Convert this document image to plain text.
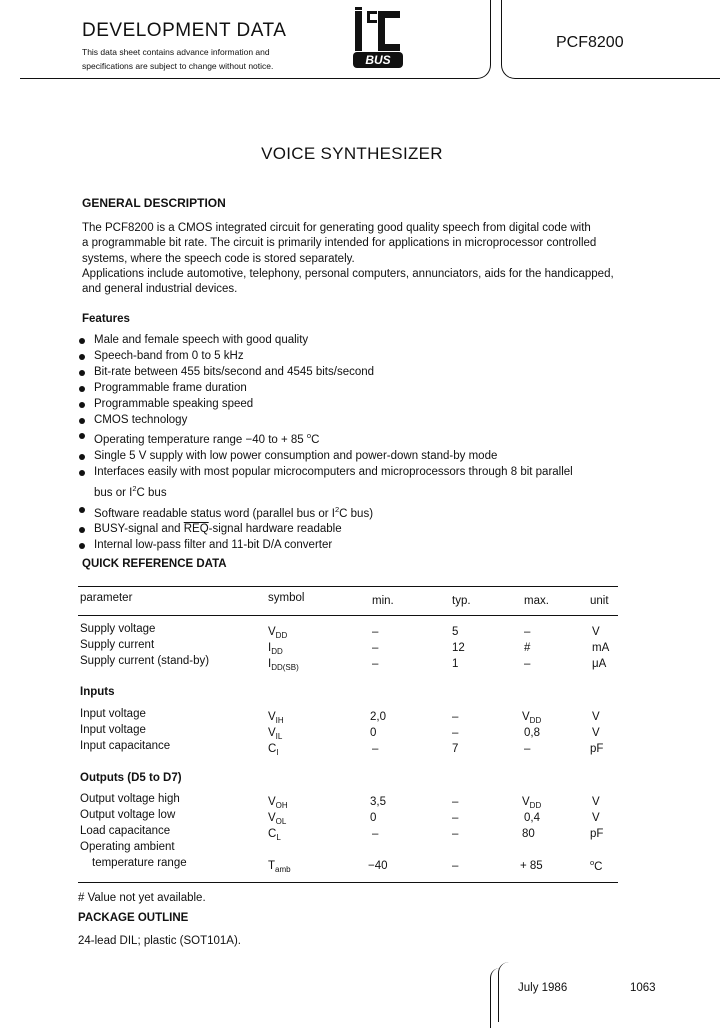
DEVELOPMENT DATA
This data sheet contains advance information and
specifications are subject to change without notice.	BUS
PCF8200
VOICE SYNTHESIZER
GENERAL DESCRIPTION

The PCF8200 is a CMOS integrated circuit for generating good quality speech from digital code with

a programmable bit rate. The circuit is primarily intended for applications in microprocessor controlled

systems, where the speech code is stored separately.

Applications include automotive, telephony, personal computers, annunciators, aids for the handicapped,

and general industrial devices.

Features
Male and female speech with good quality
Speech-band from 0 to 5 kHz
Bit-rate between 455 bits/second and 4545 bits/second
Programmable frame duration
Programmable speaking speed
CMOS technology
Operating temperature range −40 to + 85 $^o$C
Single 5 V supply with low power consumption and power-down stand-by mode
Interfaces easily with most popular microcomputers and microprocessors through 8 bit parallel
bus or $I^2C$ bus
Software readable status word (parallel bus or $I^2C$ bus)
BUSY-signal and $\overline{REQ}$-signal hardware readable
Internal low-pass filter and 11-bit D/A converter
QUICK REFERENCE DATA
parameter	symbol	min.	typ.	max.	unit
Supply voltage	$V_{DD}$	–	5	–	V
Supply current	$I_{DD}$	–	12	#	mA
Supply current (stand-by)	$I_{DD(SB)}$	–	1	–	μA
Inputs
Input voltage	$V_{IH}$	2,0	–	$V_{DD}$	V
Input voltage	$V_{IL}$	0	–	0,8	V
Input capacitance	$C_I$	–	7	–	pF
Outputs (D5 to D7)
Output voltage high	$V_{OH}$	3,5	–	$V_{DD}$	V
Output voltage low	$V_{OL}$	0	–	0,4	V
Load capacitance	$C_L$	–	–	80	pF
Operating ambient
temperature range	$T_{amb}$	−40	–	+ 85	$^o$C
# Value not yet available.
PACKAGE OUTLINE
24-lead DIL; plastic (SOT101A).
July 1986	1063
